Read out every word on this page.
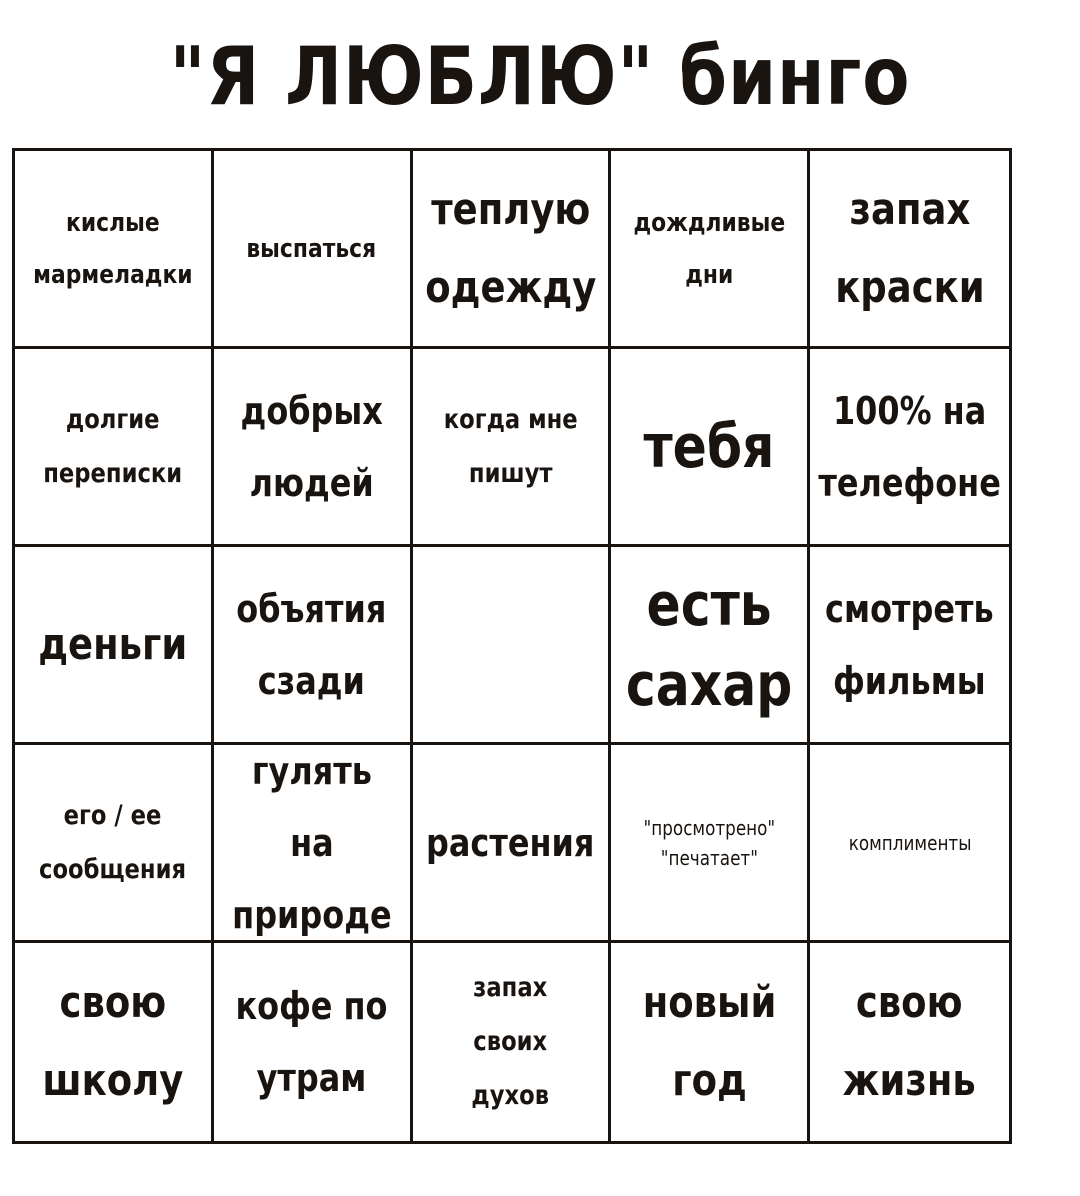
"Я ЛЮБЛЮ" бинго
кислые
мармеладки
выспаться
теплую
одежду
дождливые
дни
запах
краски
долгие
переписки
добрых
людей
когда мне
пишут	тебя
100% на
телефоне
деньги
объятия
сзади
есть
сахар
смотреть
фильмы
его / ее
сообщения
гулять на
природе
растения "просмотрено"
"печатает"
комплименты
свою
школу
кофе по
утрам
запах
своих
духов
новый
год
свою
жизнь
